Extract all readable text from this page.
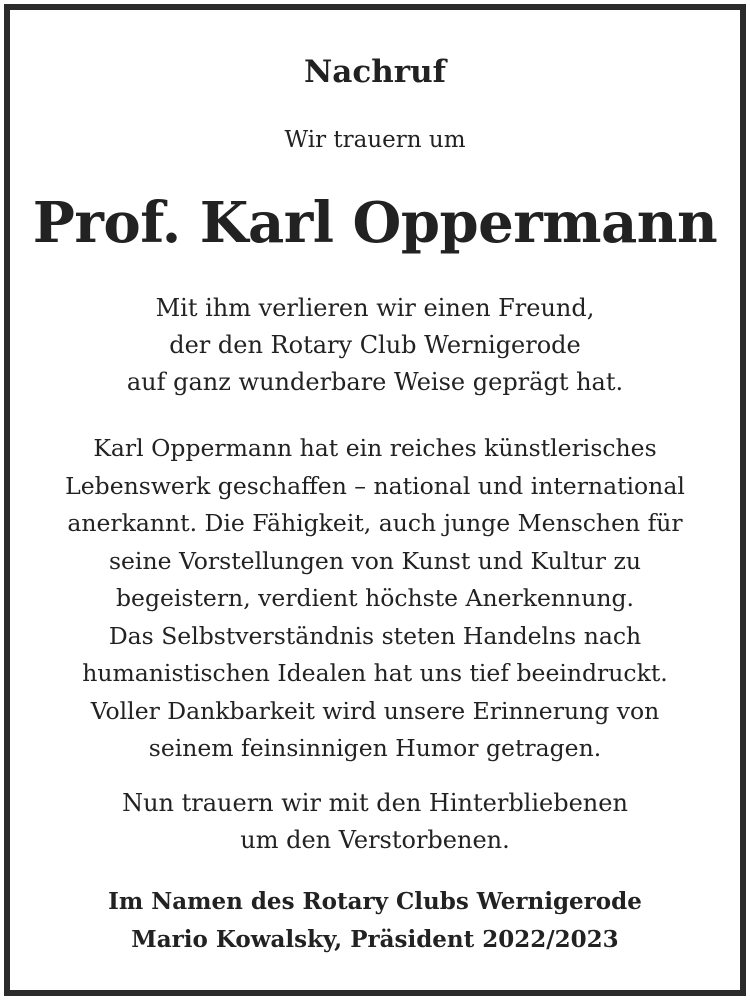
Nachruf

Wir trauern um

Prof. Karl Oppermann
Mit ihm verlieren wir einen Freund,
der den Rotary Club Wernigerode
auf ganz wunderbare Weise geprägt hat.
Karl Oppermann hat ein reiches künstlerisches
Lebenswerk geschaffen – national und international
anerkannt. Die Fähigkeit, auch junge Menschen für
seine Vorstellungen von Kunst und Kultur zu
begeistern, verdient höchste Anerkennung.
Das Selbstverständnis steten Handelns nach
humanistischen Idealen hat uns tief beeindruckt.
Voller Dankbarkeit wird unsere Erinnerung von
seinem feinsinnigen Humor getragen.
Nun trauern wir mit den Hinterbliebenen
um den Verstorbenen.
Im Namen des Rotary Clubs Wernigerode
Mario Kowalsky, Präsident 2022/2023
